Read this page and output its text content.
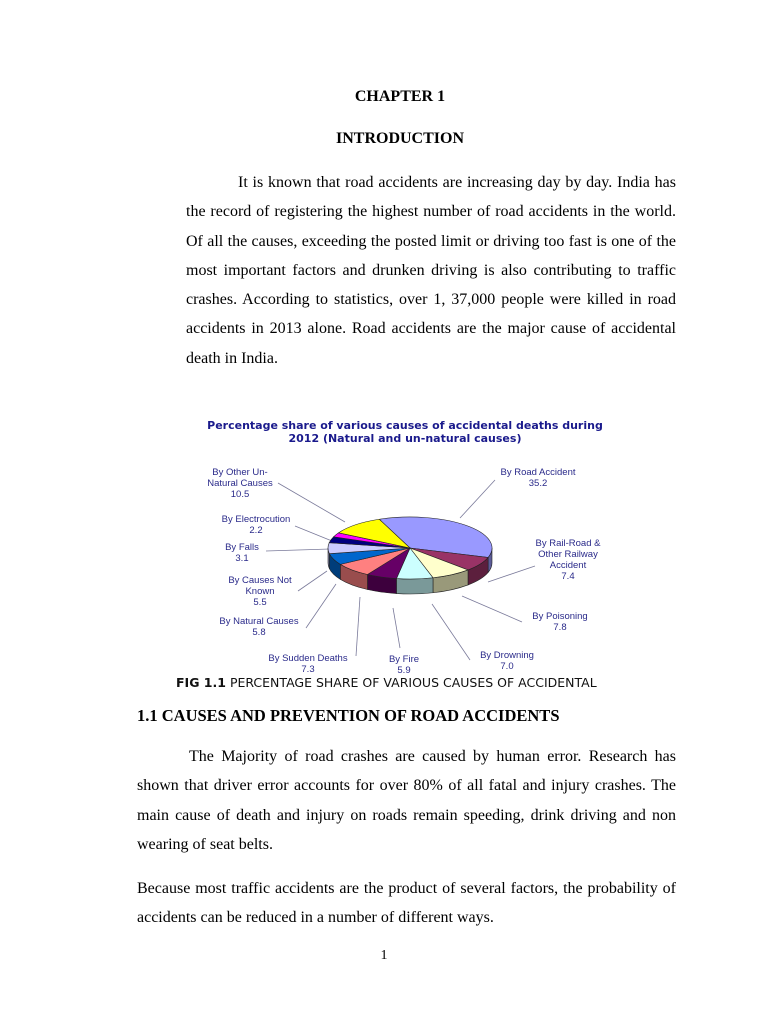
CHAPTER 1
INTRODUCTION
It is known that road accidents are increasing day by day. India has the record of registering the highest number of road accidents in the world. Of all the causes, exceeding the posted limit or driving too fast is one of the most important factors and drunken driving is also contributing to traffic crashes. According to statistics, over 1, 37,000 people were killed in road accidents in 2013 alone. Road accidents are the major cause of accidental death in India.
Percentage share of various causes of accidental deaths during
2012 (Natural and un-natural causes)
By Road Accident
35.2
By Rail-Road & Other Railway Accident
7.4
By Poisoning
7.8
By Drowning
7.0
By Fire
5.9
By Sudden Deaths
7.3
By Natural Causes
5.8
By Causes Not Known
5.5
By Falls
3.1
By Electrocution
2.2
By Other Un-Natural Causes
10.5
FIG 1.1 PERCENTAGE SHARE OF VARIOUS CAUSES OF ACCIDENTAL
1.1 CAUSES AND PREVENTION OF ROAD ACCIDENTS
The Majority of road crashes are caused by human error. Research has shown that driver error accounts for over 80% of all fatal and injury crashes. The main cause of death and injury on roads remain speeding, drink driving and non wearing of seat belts.
Because most traffic accidents are the product of several factors, the probability of accidents can be reduced in a number of different ways.
1
